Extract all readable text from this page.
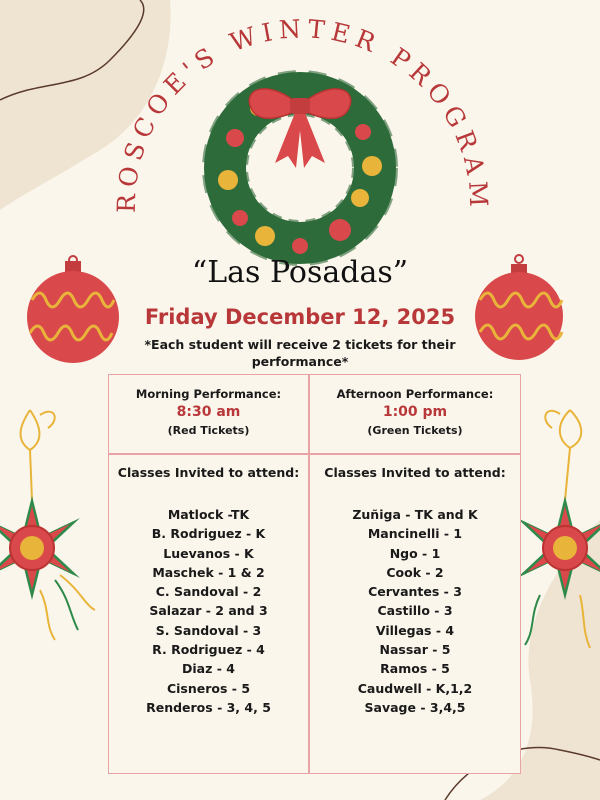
ROSCOE'S WINTER PROGRAM
“Las Posadas”
Friday December 12, 2025
*Each student will receive 2 tickets for their performance*
Morning Performance:
8:30 am
(Red Tickets)
Classes Invited to attend:
Matlock -TK
B. Rodriguez - K
Luevanos - K
Maschek - 1 & 2
C. Sandoval - 2
Salazar - 2 and 3
S. Sandoval - 3
R. Rodriguez - 4
Diaz - 4
Cisneros - 5
Renderos - 3, 4, 5
Afternoon Performance:
1:00 pm
(Green Tickets)
Classes Invited to attend:
Zuñiga - TK and K
Mancinelli - 1
Ngo - 1
Cook - 2
Cervantes - 3
Castillo - 3
Villegas - 4
Nassar - 5
Ramos - 5
Caudwell - K,1,2
Savage - 3,4,5
